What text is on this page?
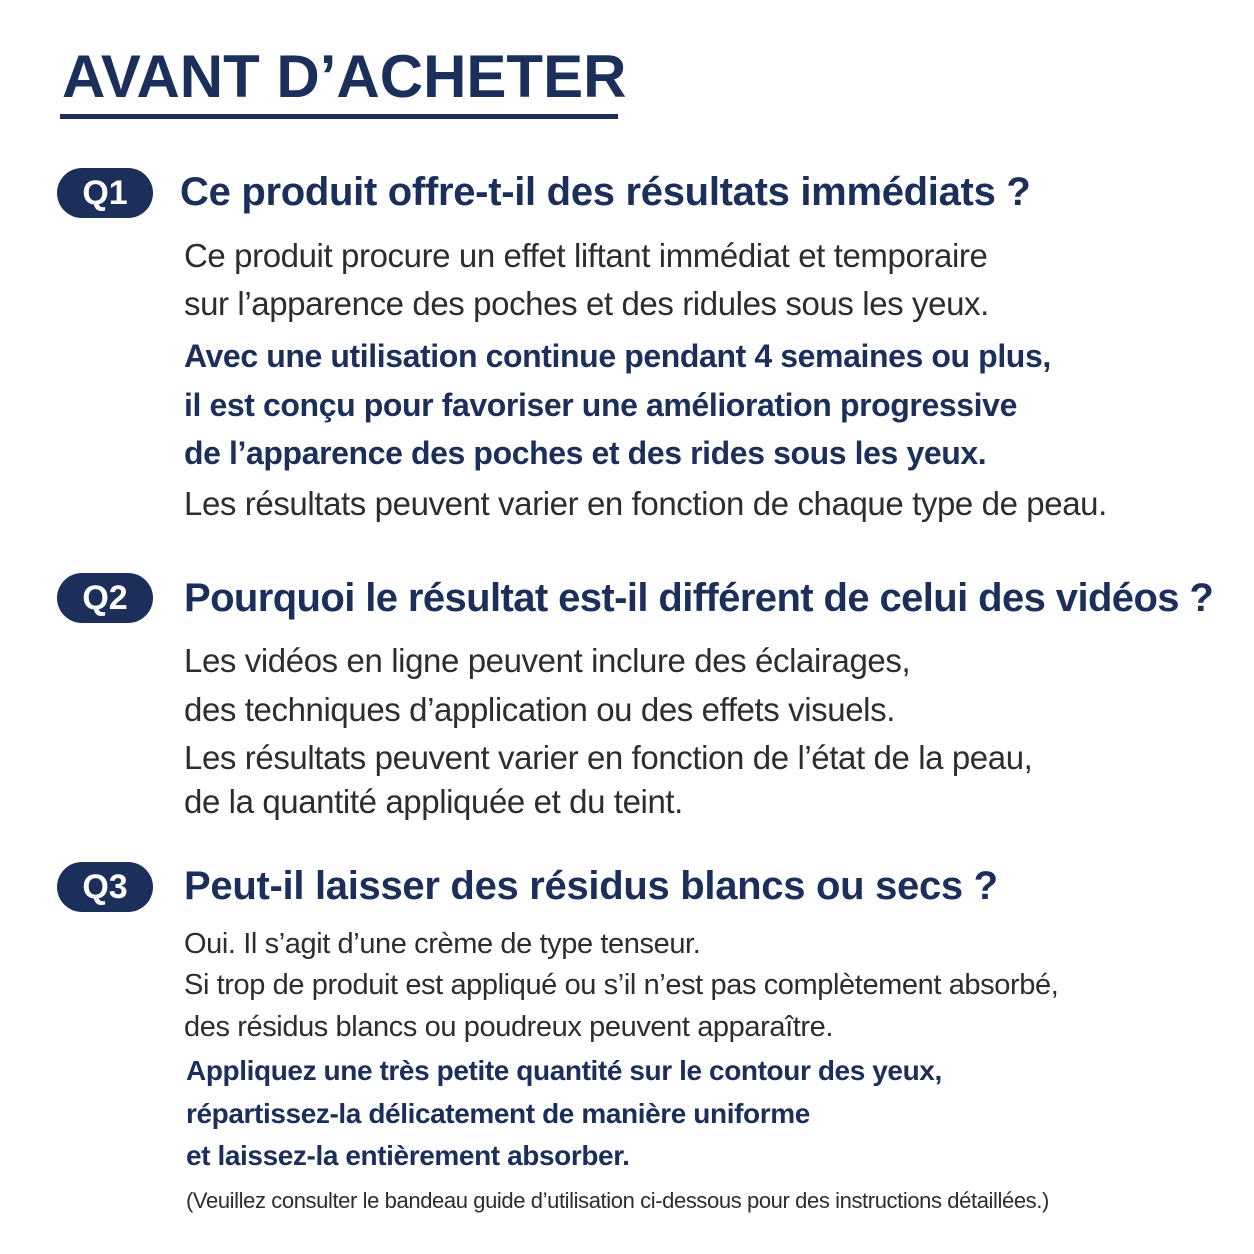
AVANT D’ACHETER
Q1	Ce produit offre-t-il des résultats immédiats ?
Ce produit procure un effet liftant immédiat et temporaire
sur l’apparence des poches et des ridules sous les yeux.
Avec une utilisation continue pendant 4 semaines ou plus,
il est conçu pour favoriser une amélioration progressive
de l’apparence des poches et des rides sous les yeux.
Les résultats peuvent varier en fonction de chaque type de peau.
Q2	Pourquoi le résultat est-il différent de celui des vidéos ?
Les vidéos en ligne peuvent inclure des éclairages,
des techniques d’application ou des effets visuels.
Les résultats peuvent varier en fonction de l’état de la peau,
de la quantité appliquée et du teint.
Q3	Peut-il laisser des résidus blancs ou secs ?
Oui. Il s’agit d’une crème de type tenseur.
Si trop de produit est appliqué ou s’il n’est pas complètement absorbé,
des résidus blancs ou poudreux peuvent apparaître.
Appliquez une très petite quantité sur le contour des yeux,
répartissez-la délicatement de manière uniforme
et laissez-la entièrement absorber.
(Veuillez consulter le bandeau guide d’utilisation ci-dessous pour des instructions détaillées.)
